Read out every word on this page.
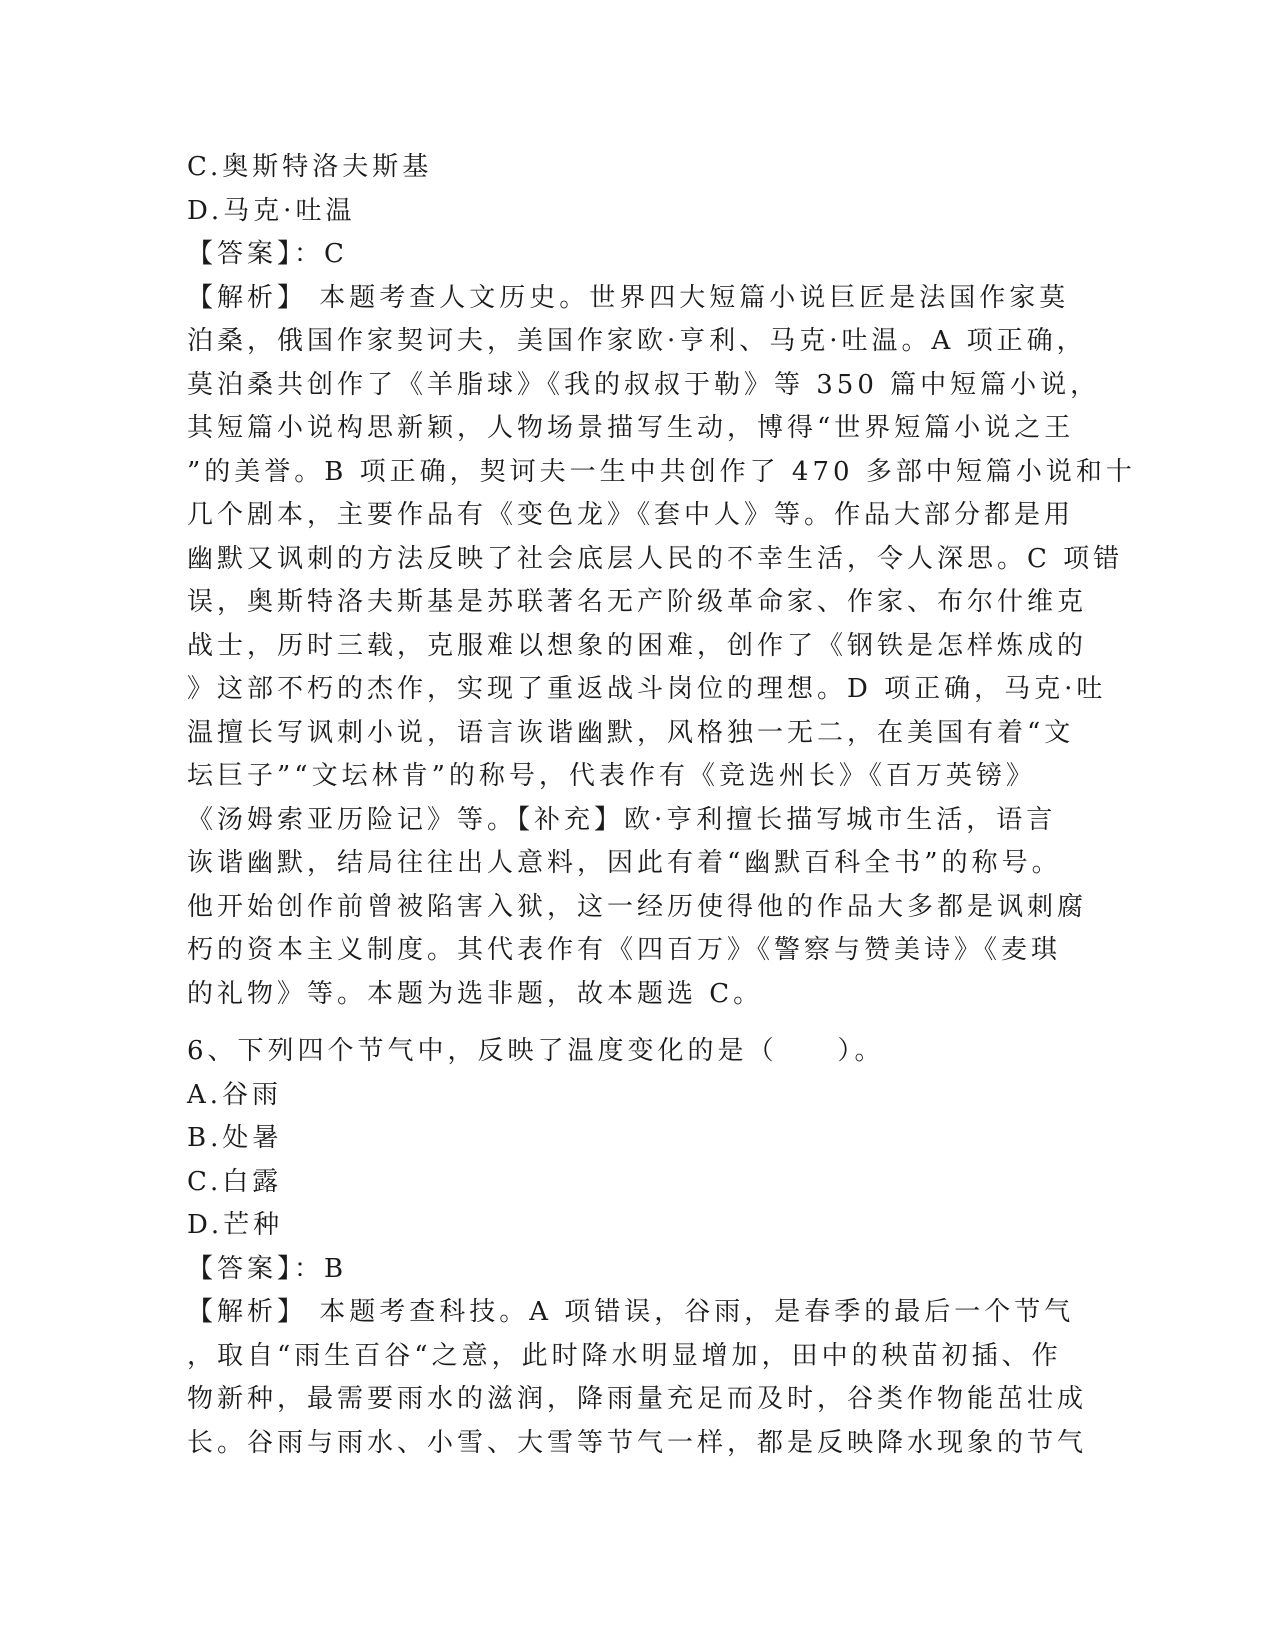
C.奥斯特洛夫斯基
D.马克·吐温
【答案】：C
【解析】 本题考查人文历史。世界四大短篇小说巨匠是法国作家莫
泊桑，俄国作家契诃夫，美国作家欧·亨利、马克·吐温。A 项正确，
莫泊桑共创作了《羊脂球》《我的叔叔于勒》等 350 篇中短篇小说，
其短篇小说构思新颖，人物场景描写生动，博得“世界短篇小说之王
”的美誉。B 项正确，契诃夫一生中共创作了 470 多部中短篇小说和十
几个剧本，主要作品有《变色龙》《套中人》等。作品大部分都是用
幽默又讽刺的方法反映了社会底层人民的不幸生活，令人深思。C 项错
误，奥斯特洛夫斯基是苏联著名无产阶级革命家、作家、布尔什维克
战士，历时三载，克服难以想象的困难，创作了《钢铁是怎样炼成的
》这部不朽的杰作，实现了重返战斗岗位的理想。D 项正确，马克·吐
温擅长写讽刺小说，语言诙谐幽默，风格独一无二，在美国有着“文
坛巨子”“文坛林肯”的称号，代表作有《竞选州长》《百万英镑》
《汤姆索亚历险记》等。【补充】欧·亨利擅长描写城市生活，语言
诙谐幽默，结局往往出人意料，因此有着“幽默百科全书”的称号。
他开始创作前曾被陷害入狱，这一经历使得他的作品大多都是讽刺腐
朽的资本主义制度。其代表作有《四百万》《警察与赞美诗》《麦琪
的礼物》等。本题为选非题，故本题选 C。
6、下列四个节气中，反映了温度变化的是（　　）。
A.谷雨
B.处暑
C.白露
D.芒种
【答案】：B
【解析】 本题考查科技。A 项错误，谷雨，是春季的最后一个节气
，取自“雨生百谷“之意，此时降水明显增加，田中的秧苗初插、作
物新种，最需要雨水的滋润，降雨量充足而及时，谷类作物能茁壮成
长。谷雨与雨水、小雪、大雪等节气一样，都是反映降水现象的节气
